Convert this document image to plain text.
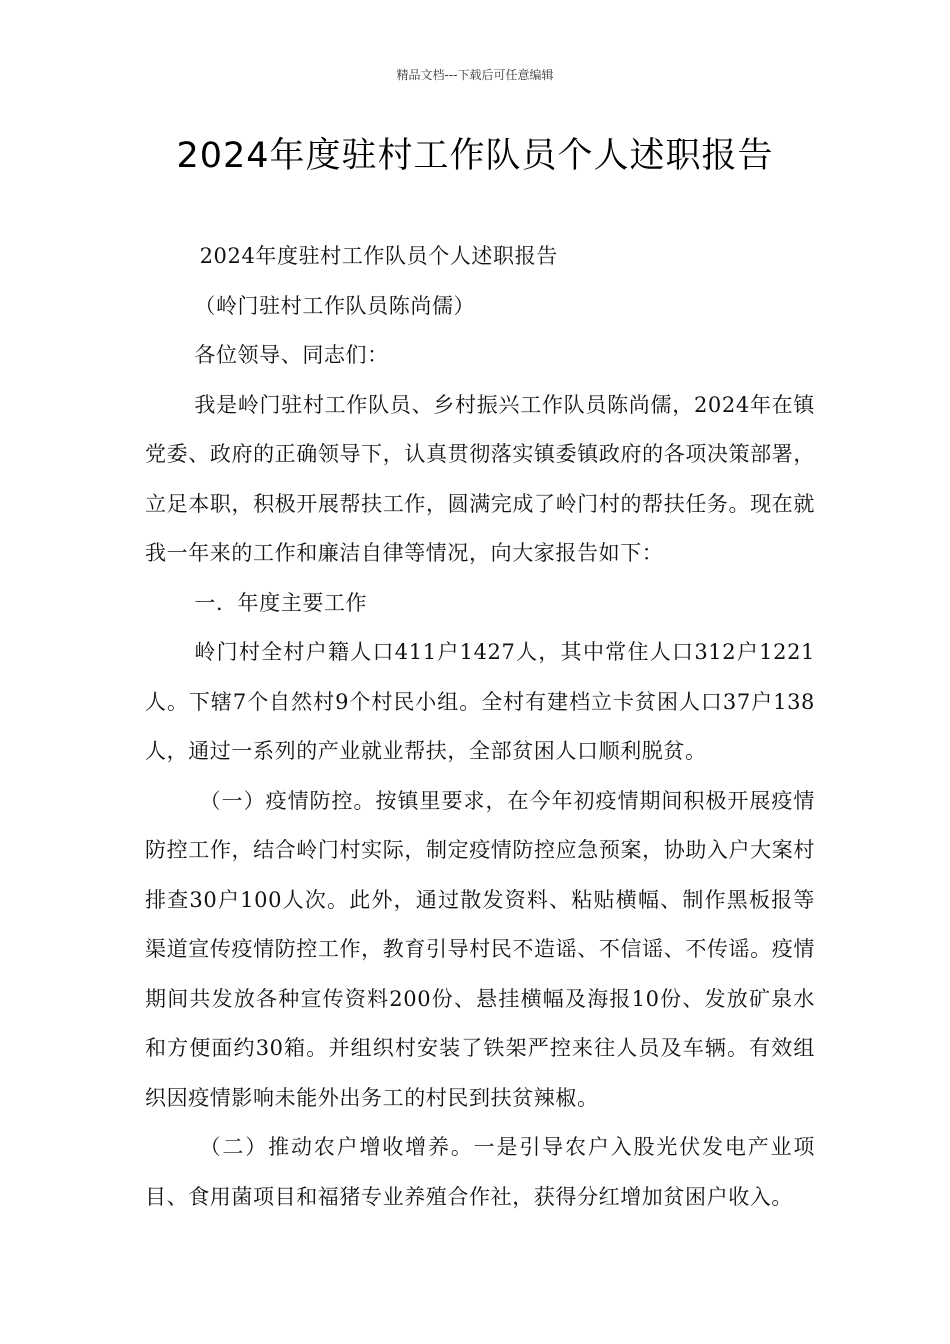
精品文档---下载后可任意编辑
2024年度驻村工作队员个人述职报告

2024年度驻村工作队员个人述职报告

（岭门驻村工作队员陈尚儒）

各位领导、同志们：

我是岭门驻村工作队员、乡村振兴工作队员陈尚儒，2024年在镇党委、政府的正确领导下，认真贯彻落实镇委镇政府的各项决策部署，立足本职，积极开展帮扶工作，圆满完成了岭门村的帮扶任务。现在就我一年来的工作和廉洁自律等情况，向大家报告如下：

一．年度主要工作

岭门村全村户籍人口411户1427人，其中常住人口312户1221人。下辖7个自然村9个村民小组。全村有建档立卡贫困人口37户138人，通过一系列的产业就业帮扶，全部贫困人口顺利脱贫。

（一）疫情防控。按镇里要求，在今年初疫情期间积极开展疫情防控工作，结合岭门村实际，制定疫情防控应急预案，协助入户大案村排查30户100人次。此外，通过散发资料、粘贴横幅、制作黑板报等渠道宣传疫情防控工作，教育引导村民不造谣、不信谣、不传谣。疫情期间共发放各种宣传资料200份、悬挂横幅及海报10份、发放矿泉水和方便面约30箱。并组织村安装了铁架严控来往人员及车辆。有效组织因疫情影响未能外出务工的村民到扶贫辣椒。

（二）推动农户增收增养。一是引导农户入股光伏发电产业项目、食用菌项目和福猪专业养殖合作社，获得分红增加贫困户收入。
